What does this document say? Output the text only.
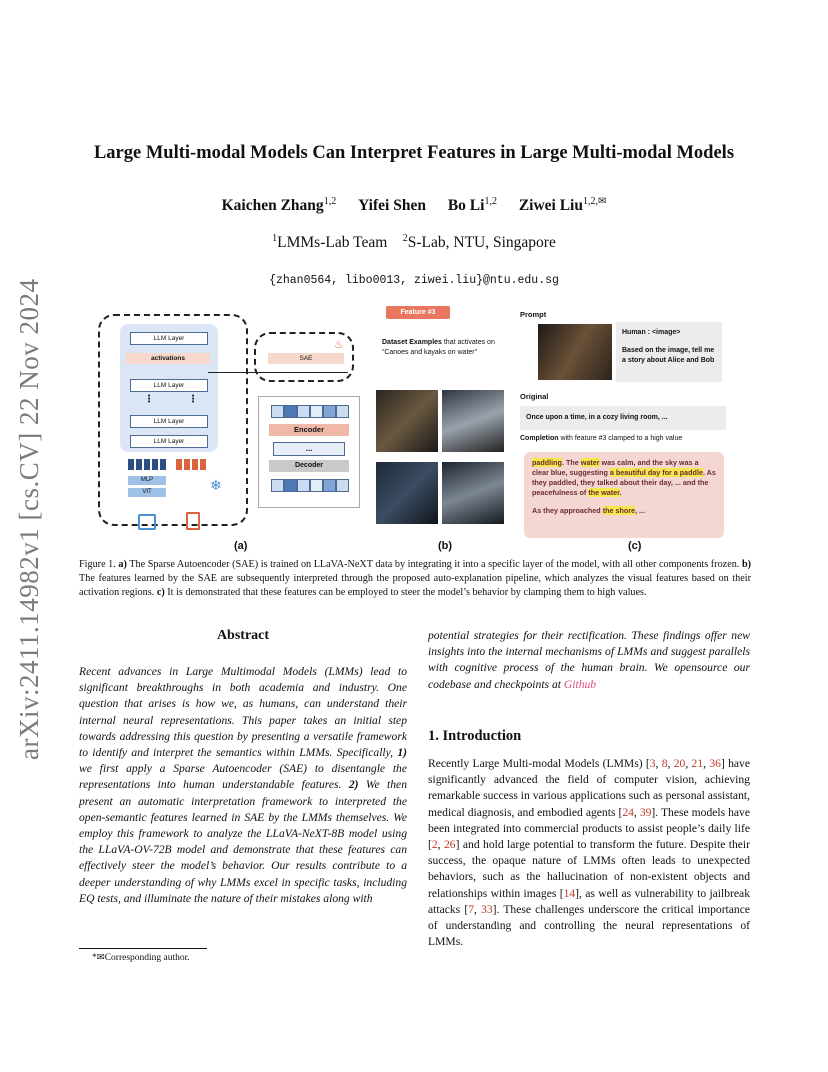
arXiv:2411.14982v1 [cs.CV] 22 Nov 2024
Large Multi-modal Models Can Interpret Features in Large Multi-modal Models
Kaichen Zhang$^{1,2}$ Yifei Shen Bo Li$^{1,2}$ Ziwei Liu$^{1,2,✉}$
$^1$LMMs-Lab Team $^2$S-Lab, NTU, Singapore
{zhan0564, libo0013, ziwei.liu}@ntu.edu.sg
LLM Layer
activations
LLM Layer
⋮	⋮
LLM Layer
LLM Layer
MLP
VIT	❄
SAE
♨
Encoder
...
Decoder
(a)
Feature #3
Dataset Examples that activates on “Canoes and kayaks on water”
(b)
Prompt
Human : <image>
Based on the image, tell me a story about Alice and Bob
Original
Once upon a time, in a cozy living room, ...
Completion with feature #3 clamped to a high value
paddling. The water was calm, and the sky was a clear blue, suggesting a beautiful day for a paddle. As they paddled, they talked about their day, ... and the peacefulness of the water.
As they approached the shore, ...
(c)
Figure 1. a) The Sparse Autoencoder (SAE) is trained on LLaVA-NeXT data by integrating it into a specific layer of the model, with all other components frozen. b) The features learned by the SAE are subsequently interpreted through the proposed auto-explanation pipeline, which analyzes the visual features based on their activation regions. c) It is demonstrated that these features can be employed to steer the model’s behavior by clamping them to high values.
Abstract
Recent advances in Large Multimodal Models (LMMs) lead to significant breakthroughs in both academia and industry. One question that arises is how we, as humans, can understand their internal neural representations. This paper takes an initial step towards addressing this question by presenting a versatile framework to identify and interpret the semantics within LMMs. Specifically, 1) we first apply a Sparse Autoencoder (SAE) to disentangle the representations into human understandable features. 2) We then present an automatic interpretation framework to interpreted the open-semantic features learned in SAE by the LMMs themselves. We employ this framework to analyze the LLaVA-NeXT-8B model using the LLaVA-OV-72B model and demonstrate that these features can effectively steer the model’s behavior. Our results contribute to a deeper understanding of why LMMs excel in specific tasks, including EQ tests, and illuminate the nature of their mistakes along with
potential strategies for their rectification. These findings offer new insights into the internal mechanisms of LMMs and suggest parallels with cognitive process of the human brain. We opensource our codebase and checkpoints at Github
1. Introduction
Recently Large Multi-modal Models (LMMs) [3, 8, 20, 21, 36] have significantly advanced the field of computer vision, achieving remarkable success in various applications such as personal assistant, medical diagnosis, and embodied agents [24, 39]. These models have been integrated into commercial products to assist people’s daily life [2, 26] and hold large potential to transform the future. Despite their success, the opaque nature of LMMs often leads to unexpected behaviors, such as the hallucination of non-existent objects and relationships within images [14], as well as vulnerability to jailbreak attacks [7, 33]. These challenges underscore the critical importance of understanding and controlling the neural representations of LMMs.
*✉Corresponding author.
